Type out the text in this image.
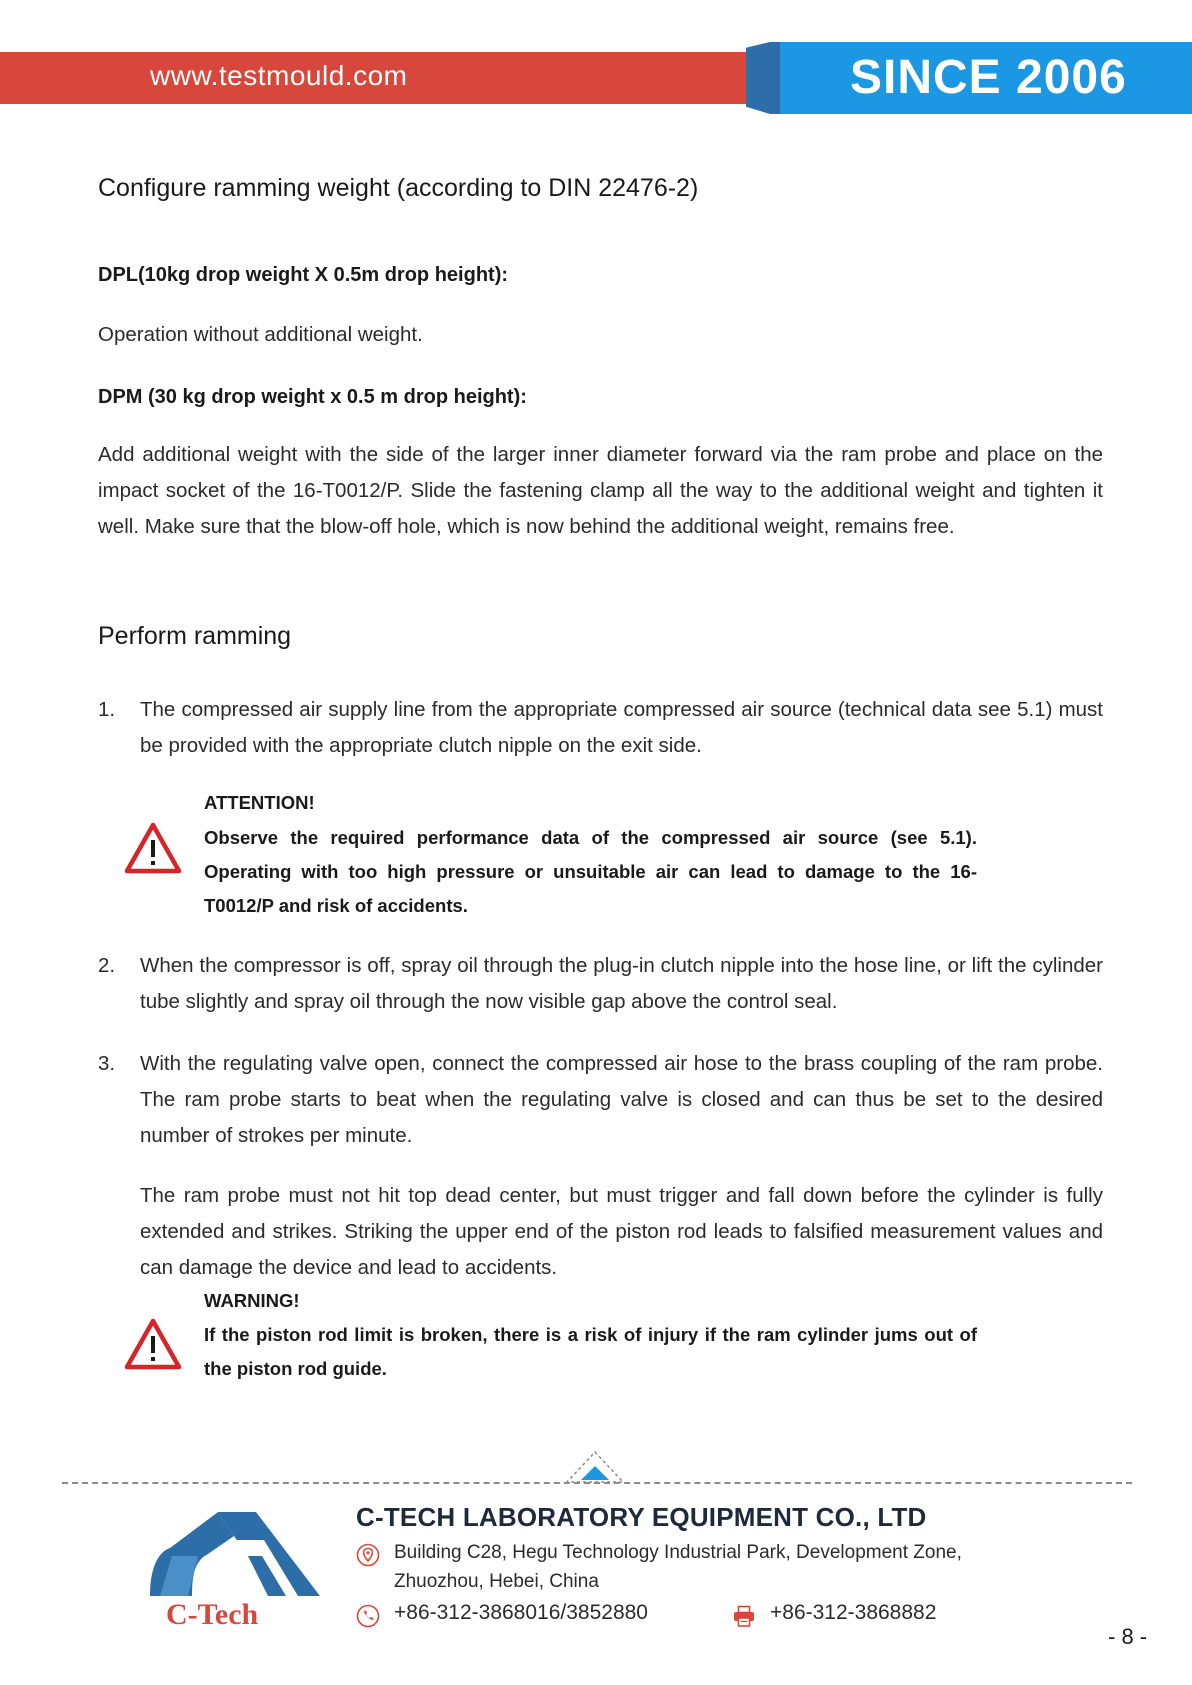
www.testmould.com	SINCE 2006
Configure ramming weight (according to DIN 22476-2)
DPL(10kg drop weight X 0.5m drop height):

Operation without additional weight.

DPM (30 kg drop weight x 0.5 m drop height):

Add additional weight with the side of the larger inner diameter forward via the ram probe and place on the impact socket of the 16-T0012/P. Slide the fastening clamp all the way to the additional weight and tighten it well. Make sure that the blow-off hole, which is now behind the additional weight, remains free.

Perform ramming
1. The compressed air supply line from the appropriate compressed air source (technical data see 5.1) must be provided with the appropriate clutch nipple on the exit side.
ATTENTION!
Observe the required performance data of the compressed air source (see 5.1). Operating with too high pressure or unsuitable air can lead to damage to the 16-T0012/P and risk of accidents.
2. When the compressor is off, spray oil through the plug-in clutch nipple into the hose line, or lift the cylinder tube slightly and spray oil through the now visible gap above the control seal.
3. With the regulating valve open, connect the compressed air hose to the brass coupling of the ram probe. The ram probe starts to beat when the regulating valve is closed and can thus be set to the desired number of strokes per minute.

The ram probe must not hit top dead center, but must trigger and fall down before the cylinder is fully extended and strikes. Striking the upper end of the piston rod leads to falsified measurement values and can damage the device and lead to accidents.

WARNING!
If the piston rod limit is broken, there is a risk of injury if the ram cylinder jums out of the piston rod guide.
C-Tech
C-TECH LABORATORY EQUIPMENT CO., LTD
Building C28, Hegu Technology Industrial Park, Development Zone, Zhuozhou, Hebei, China
+86-312-3868016/3852880	+86-312-3868882
- 8 -
